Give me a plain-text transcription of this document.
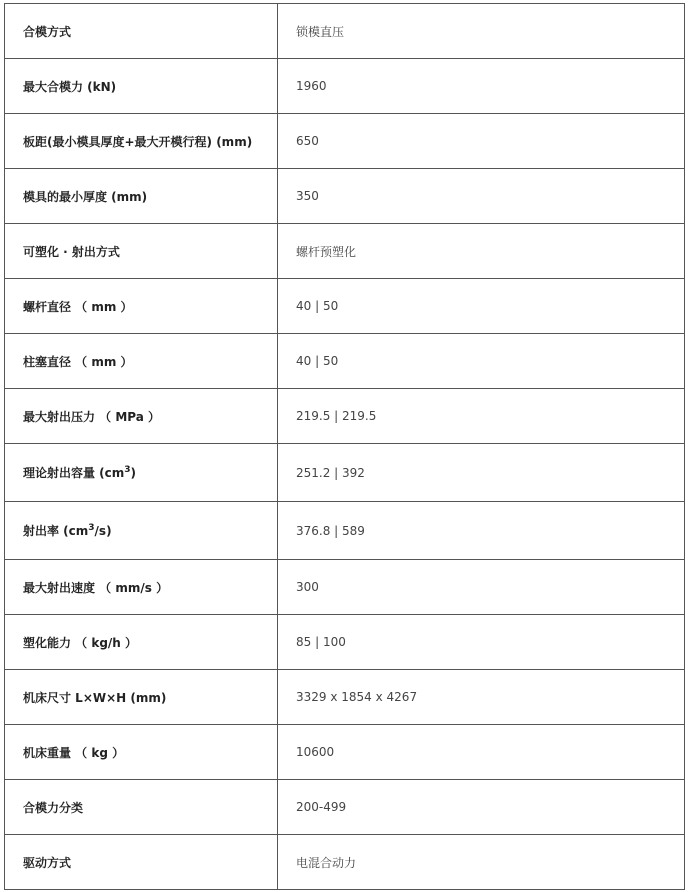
合模方式	锁模直压
最大合模力 (kN)	1960
板距(最小模具厚度+最大开模行程) (mm)	650
模具的最小厚度 (mm)	350
可塑化 · 射出方式	螺杆预塑化
螺杆直径 （ mm ）	40 | 50
柱塞直径 （ mm ）	40 | 50
最大射出压力 （ MPa ）	219.5 | 219.5
理论射出容量 $(cm^3)$	251.2 | 392
射出率 $(cm^3/s)$	376.8 | 589
最大射出速度 （ mm/s ）	300
塑化能力 （ kg/h ）	85 | 100
机床尺寸 L×W×H (mm)	3329 x 1854 x 4267
机床重量 （ kg ）	10600
合模力分类	200-499
驱动方式	电混合动力
